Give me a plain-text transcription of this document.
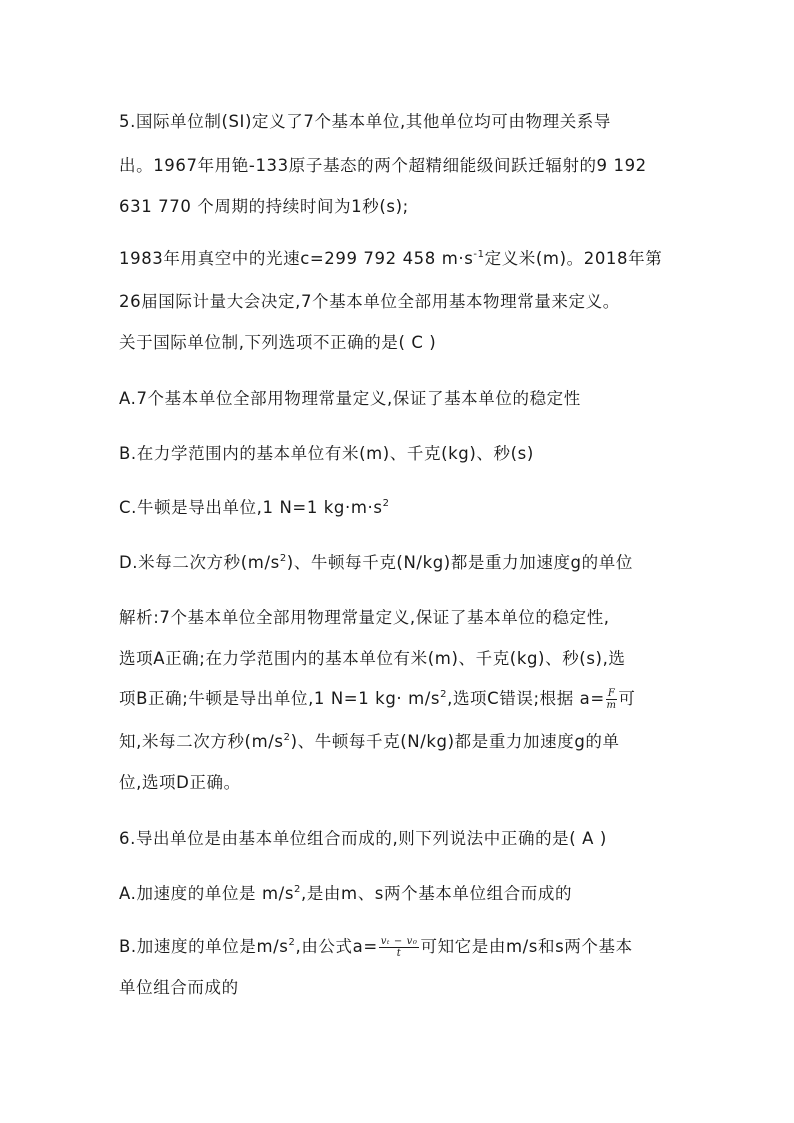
5.国际单位制(SI)定义了7个基本单位,其他单位均可由物理关系导
出。1967年用铯-133原子基态的两个超精细能级间跃迁辐射的9 192
631 770 个周期的持续时间为1秒(s);
1983年用真空中的光速c=299 792 458 $m\cdot s^{-1}$定义米(m)。2018年第
26届国际计量大会决定,7个基本单位全部用基本物理常量来定义。
关于国际单位制,下列选项不正确的是( C )
A.7个基本单位全部用物理常量定义,保证了基本单位的稳定性
B.在力学范围内的基本单位有米(m)、千克(kg)、秒(s)
C.牛顿是导出单位,1 N=1 $kg\cdot m\cdot s^2$
D.米每二次方秒$(m/s^2)$、牛顿每千克(N/kg)都是重力加速度g的单位
解析:7个基本单位全部用物理常量定义,保证了基本单位的稳定性,
选项A正确;在力学范围内的基本单位有米(m)、千克(kg)、秒(s),选
项B正确;牛顿是导出单位,1 N=1 $kg\cdot m/s^2$,选项C错误;根据 $a= \frac{F}{m}$ 可
知,米每二次方秒$(m/s^2)$、牛顿每千克(N/kg)都是重力加速度g的单
位,选项D正确。
6.导出单位是由基本单位组合而成的,则下列说法中正确的是( A )
A.加速度的单位是 $m/s^2$,是由m、s两个基本单位组合而成的
B.加速度的单位是$m/s^2$,由公式$a= \frac{\text{vₜ − v₀}}{t}$ 可知它是由m/s和s两个基本
单位组合而成的
